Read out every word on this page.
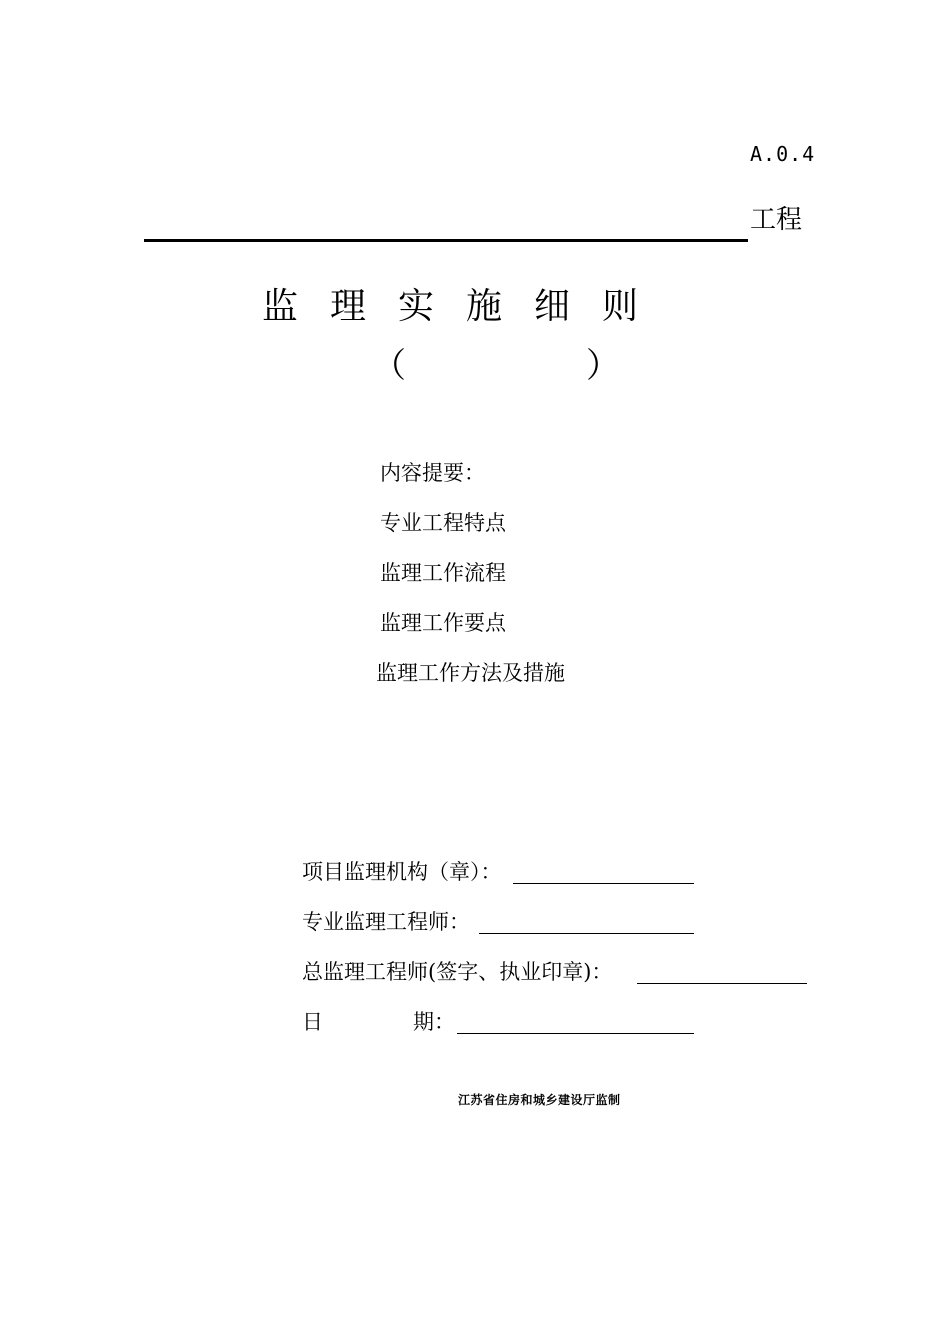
A.0.4
工程
监理实施细则
（	）
内容提要：
专业工程特点
监理工作流程
监理工作要点
监理工作方法及措施
项目监理机构（章）：
专业监理工程师：
总监理工程师(签字、执业印章)：
日	期：
江苏省住房和城乡建设厅监制
